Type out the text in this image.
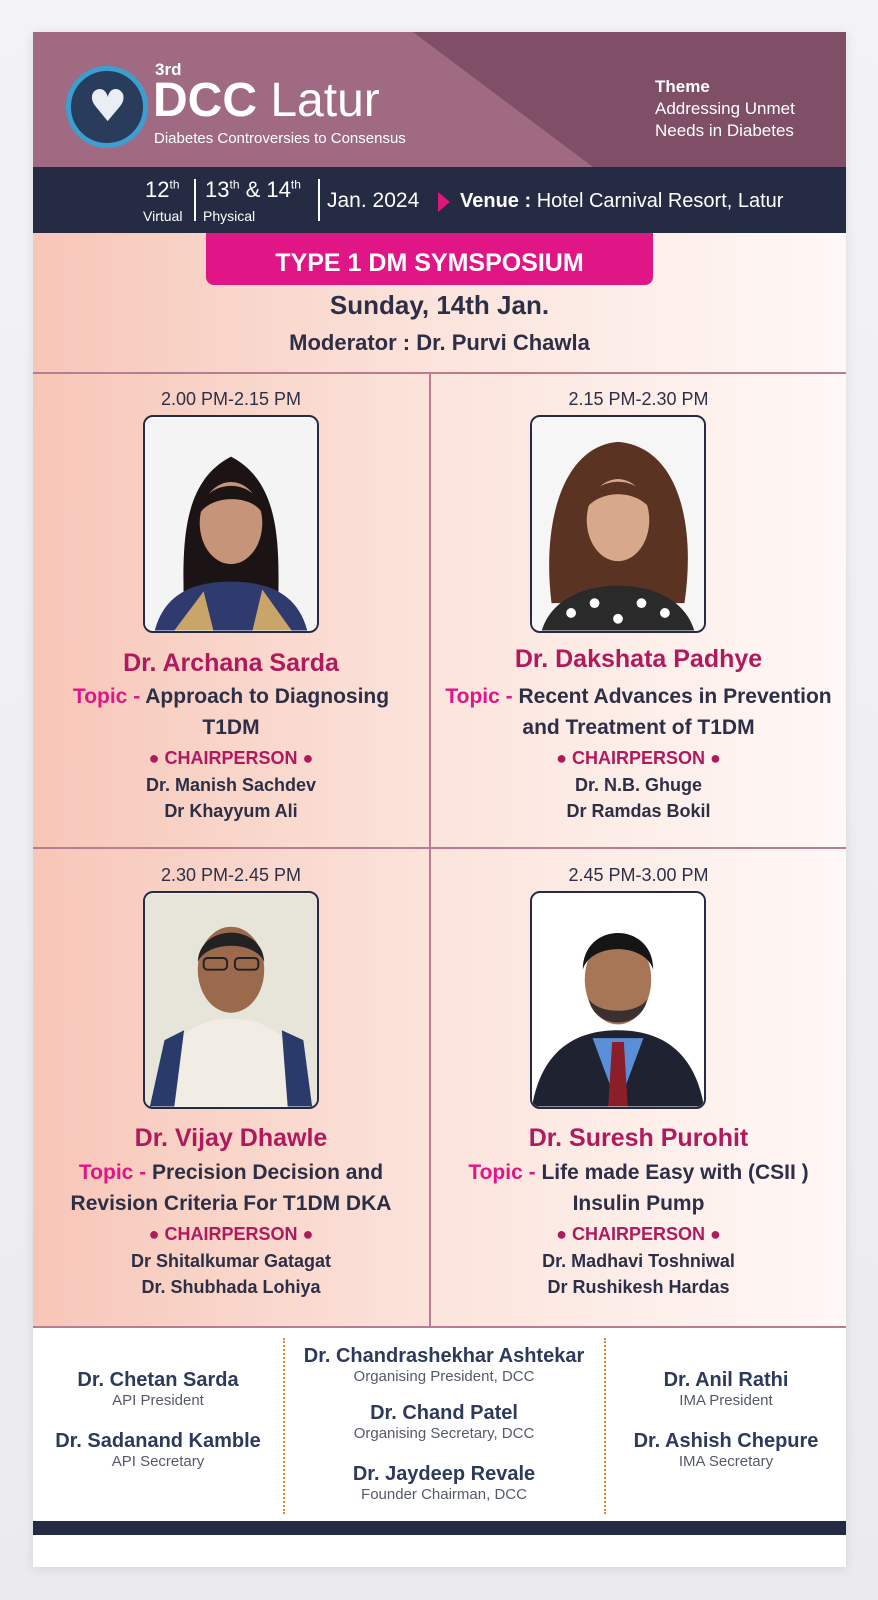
♥
3rd
DCC Latur
Diabetes Controversies to Consensus
Theme
Addressing Unmet
Needs in Diabetes
12th
Virtual
13th & 14th
Physical
Jan. 2024 Venue : Hotel Carnival Resort, Latur
TYPE 1 DM SYMSPOSIUM
Sunday, 14th Jan.
Moderator : Dr. Purvi Chawla
2.00 PM-2.15 PM
Dr. Archana Sarda
Topic - Approach to Diagnosing T1DM
● CHAIRPERSON ●
Dr. Manish Sachdev
Dr Khayyum Ali
2.15 PM-2.30 PM
Dr. Dakshata Padhye
Topic - Recent Advances in Prevention and Treatment of T1DM
● CHAIRPERSON ●
Dr. N.B. Ghuge
Dr Ramdas Bokil
2.30 PM-2.45 PM
Dr. Vijay Dhawle
Topic - Precision Decision and Revision Criteria For T1DM DKA
● CHAIRPERSON ●
Dr Shitalkumar Gatagat
Dr. Shubhada Lohiya
2.45 PM-3.00 PM
Dr. Suresh Purohit
Topic - Life made Easy with (CSII ) Insulin Pump
● CHAIRPERSON ●
Dr. Madhavi Toshniwal
Dr Rushikesh Hardas
Dr. Chetan Sarda
API President
Dr. Sadanand Kamble
API Secretary
Dr. Chandrashekhar Ashtekar
Organising President, DCC
Dr. Chand Patel
Organising Secretary, DCC
Dr. Jaydeep Revale
Founder Chairman, DCC
Dr. Anil Rathi
IMA President
Dr. Ashish Chepure
IMA Secretary
